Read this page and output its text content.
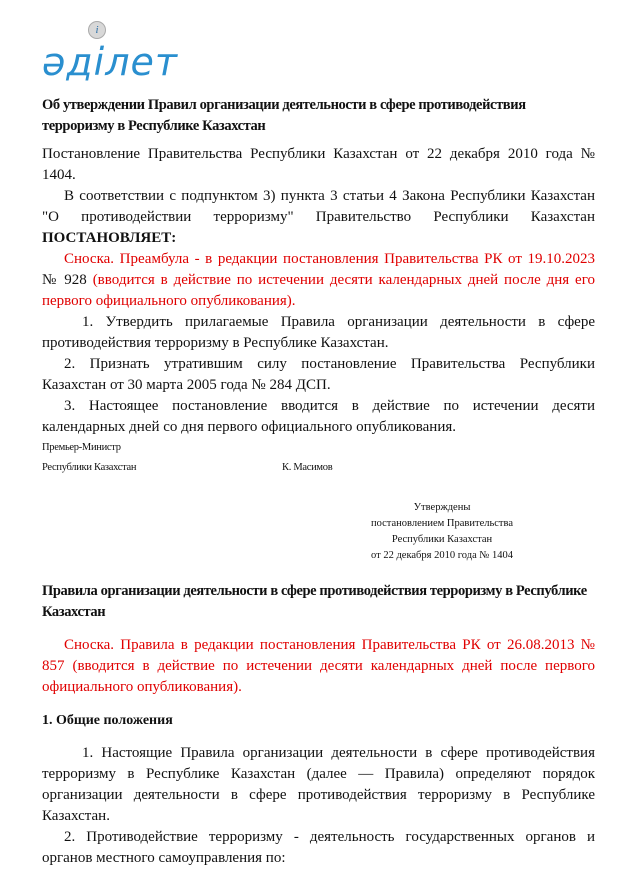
әділет
i
Об утверждении Правил организации деятельности в сфере противодействия терроризму в Республике Казахстан

Постановление Правительства Республики Казахстан от 22 декабря 2010 года № 1404.

В соответствии с подпунктом 3) пункта 3 статьи 4 Закона Республики Казахстан "О противодействии терроризму" Правительство Республики Казахстан ПОСТАНОВЛЯЕТ:

Сноска. Преамбула - в редакции постановления Правительства РК от 19.10.2023 № 928 (вводится в действие по истечении десяти календарных дней после дня его первого официального опубликования).

1. Утвердить прилагаемые Правила организации деятельности в сфере противодействия терроризму в Республике Казахстан.

2. Признать утратившим силу постановление Правительства Республики Казахстан от 30 марта 2005 года № 284 ДСП.

3. Настоящее постановление вводится в действие по истечении десяти календарных дней со дня первого официального опубликования.

Премьер-Министр
Республики Казахстан	К. Масимов
Утверждены
постановлением Правительства
Республики Казахстан
от 22 декабря 2010 года № 1404
Правила организации деятельности в сфере противодействия терроризму в Республике Казахстан

Сноска. Правила в редакции постановления Правительства РК от 26.08.2013 № 857 (вводится в действие по истечении десяти календарных дней после первого официального опубликования).

1. Общие положения

1. Настоящие Правила организации деятельности в сфере противодействия терроризму в Республике Казахстан (далее — Правила) определяют порядок организации деятельности в сфере противодействия терроризму в Республике Казахстан.

2. Противодействие терроризму - деятельность государственных органов и органов местного самоуправления по:
